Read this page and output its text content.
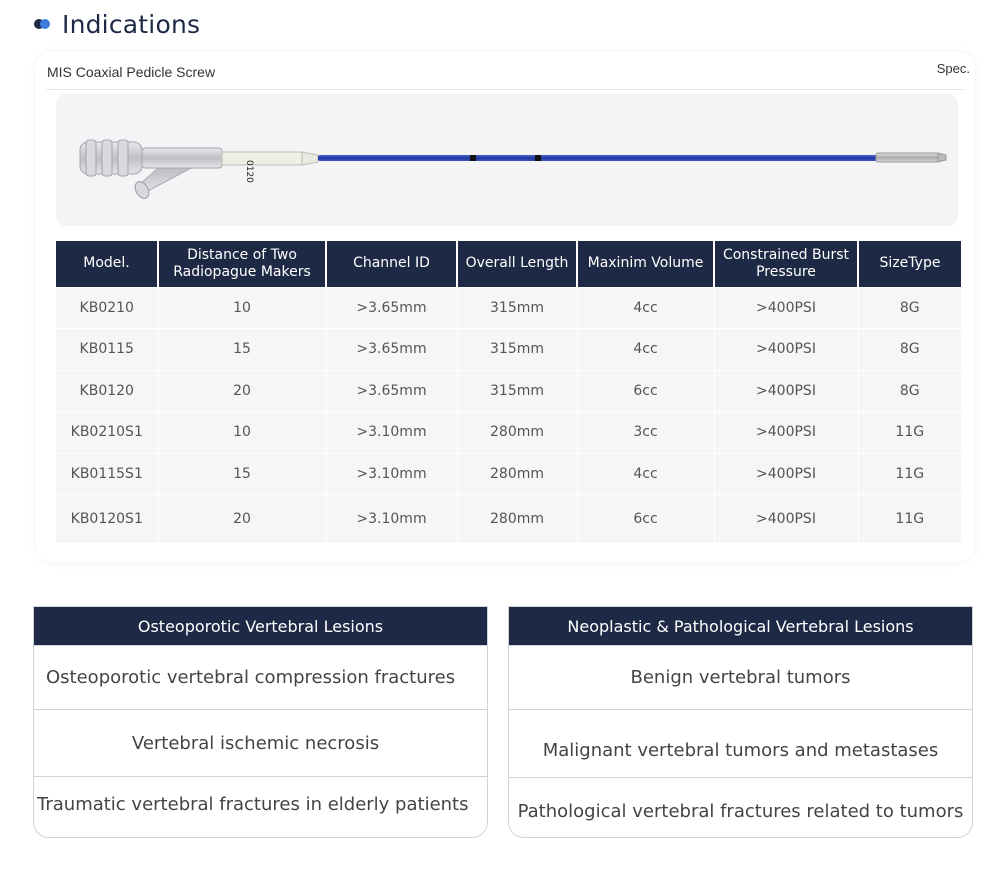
Indications
MIS Coaxial Pedicle Screw	Spec.
0120
Model.	Distance of Two Radiopague Makers	Channel ID	Overall Length	Maxinim Volume	Constrained Burst Pressure	SizeType
KB0210	10	>3.65mm	315mm	4cc	>400PSI	8G
KB0115	15	>3.65mm	315mm	4cc	>400PSI	8G
KB0120	20	>3.65mm	315mm	6cc	>400PSI	8G
KB0210S1	10	>3.10mm	280mm	3cc	>400PSI	11G
KB0115S1	15	>3.10mm	280mm	4cc	>400PSI	11G
KB0120S1	20	>3.10mm	280mm	6cc	>400PSI	11G
Osteoporotic Vertebral Lesions
Osteoporotic vertebral compression fractures
Vertebral ischemic necrosis
Traumatic vertebral fractures in elderly patients
Neoplastic & Pathological Vertebral Lesions
Benign vertebral tumors
Malignant vertebral tumors and metastases
Pathological vertebral fractures related to tumors
